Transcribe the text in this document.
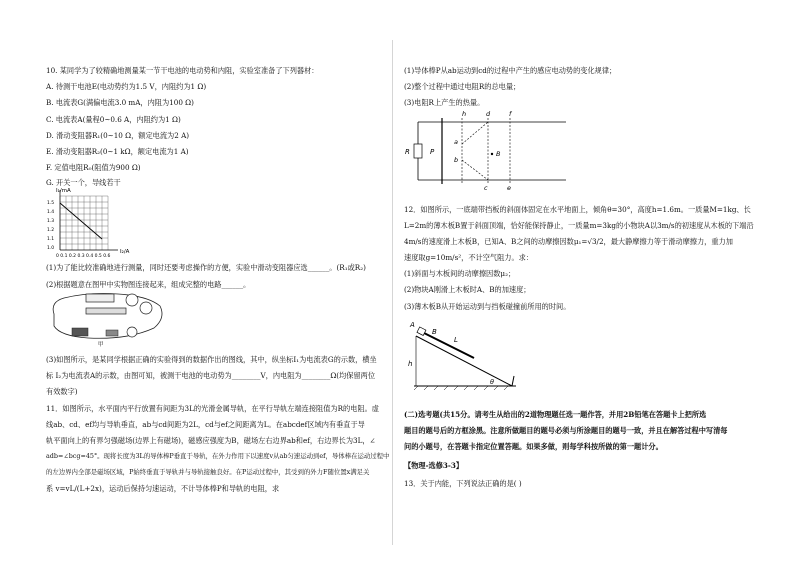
10. 某同学为了较精确地测量某一节干电池的电动势和内阻，实验室准备了下列器材：
A. 待测干电池E(电动势约为1.5 V，内阻约为1 Ω)
B. 电流表G(满偏电流3.0 mA，内阻为100 Ω)
C. 电流表A(量程0~0.6 A，内阻约为1 Ω)
D. 滑动变阻器R₁(0~10 Ω，额定电流为2 A)
E. 滑动变阻器R₂(0~1 kΩ，额定电流为1 A)
F. 定值电阻R₀(阻值为900 Ω)
G. 开关一个，导线若干
I₁/mA
1.5
1.4
1.3
1.2
1.1
1.0
0 0.1 0.2 0.3 0.4 0.5 0.6
I₂/A
(1)为了能比较准确地进行测量，同时还要考虑操作的方便，实验中滑动变阻器应选______。(R₁或R₂)
(2)根据题意在图甲中实物图连接起来，组成完整的电路______。
甲
(3)如图所示，是某同学根据正确的实验得到的数据作出的图线，其中，纵坐标I₁为电流表G的示数，横坐
标 I₂为电流表A的示数，由图可知，被测干电池的电动势为________V，内电阻为________Ω(均保留两位
有效数字)
11．如图所示，水平面内平行放置有间距为3L的光滑金属导轨，在平行导轨左端连接阻值为R的电阻。虚
线ab、cd、ef均与导轨垂直，ab与cd间距为2L，cd与ef之间距离为L。在abcdef区域内有垂直于导
轨平面向上的有界匀强磁场(边界上有磁场)，磁感应强度为B，磁场左右边界ab和ef，右边界长为3L，∠
adb=∠bcg=45°。现将长度为3L的导体棒P垂直于导轨，在外力作用下以速度v从ab匀速运动到ef，导体棒在运动过程中
的左边界内全部是磁场区域，P始终垂直于导轨并与导轨接触良好。在P运动过程中，其受到的外力F随位置x满足关
系 v=vL/(L+2x)，运动后保持匀速运动，不计导体棒P和导轨的电阻，求
(1)导体棒P从ab运动到cd的过程中产生的感应电动势的变化规律；
(2)整个过程中通过电阻R的总电量；
(3)电阻R上产生的热量。
R	P
h	d	f
a
b
B
c	e
12．如图所示，一底端带挡板的斜面体固定在水平地面上，倾角θ=30°，高度h=1.6m。一质量M=1kg、长
L=2m的薄木板B置于斜面顶端，恰好能保持静止，一质量m=3kg的小物块A以3m/s的初速度从木板的下端沿
4m/s的速度滑上木板B，已知A、B之间的动摩擦因数μ₁=√3/2，最大静摩擦力等于滑动摩擦力，重力加
速度取g=10m/s²，不计空气阻力。求：
(1)斜面与木板间的动摩擦因数μ₂；
(2)物块A刚滑上木板时A、B的加速度；
(3)薄木板B从开始运动到与挡板碰撞前所用的时间。
A
B
L
h
θ
(二)选考题(共15分。请考生从给出的2道物理题任选一题作答，并用2B铅笔在答题卡上把所选
题目的题号后的方框涂黑。注意所做题目的题号必须与所涂题目的题号一致，并且在解答过程中写清每
问的小题号，在答题卡指定位置答题。如果多做，则每学科按所做的第一题计分。
【物理-选修3-3】
13．关于内能，下列说法正确的是( )
